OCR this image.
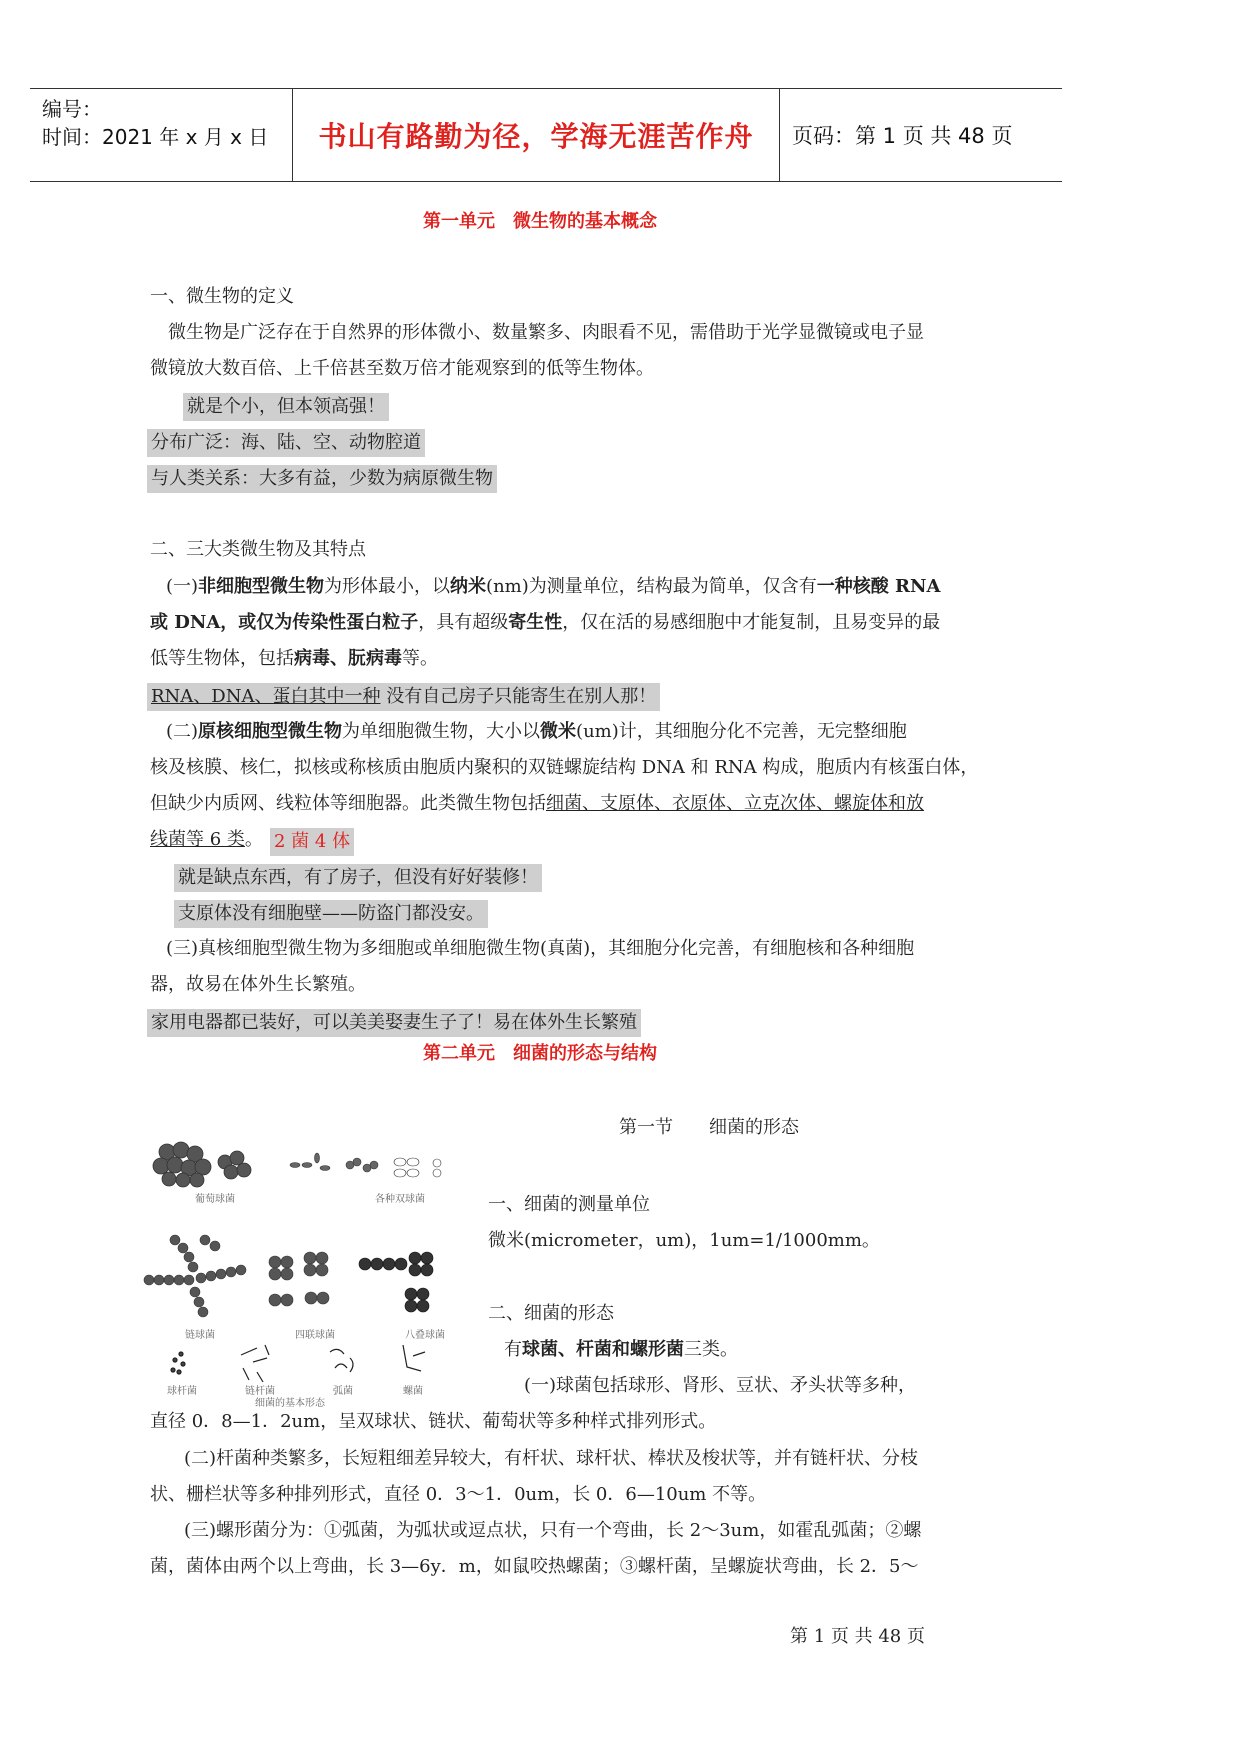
编号：
时间：2021 年 x 月 x 日 书山有路勤为径，学海无涯苦作舟	页码：第 1 页 共 48 页
第一单元　微生物的基本概念
一、微生物的定义
微生物是广泛存在于自然界的形体微小、数量繁多、肉眼看不见，需借助于光学显微镜或电子显
微镜放大数百倍、上千倍甚至数万倍才能观察到的低等生物体。
就是个小，但本领高强！
分布广泛：海、陆、空、动物腔道
与人类关系：大多有益，少数为病原微生物
二、三大类微生物及其特点
(一)非细胞型微生物为形体最小，以纳米(nm)为测量单位，结构最为简单，仅含有一种核酸 RNA
或 DNA，或仅为传染性蛋白粒子，具有超级寄生性，仅在活的易感细胞中才能复制，且易变异的最
低等生物体，包括病毒、朊病毒等。
RNA、DNA、蛋白其中一种 没有自己房子只能寄生在别人那！
(二)原核细胞型微生物为单细胞微生物，大小以微米(um)计，其细胞分化不完善，无完整细胞
核及核膜、核仁，拟核或称核质由胞质内聚积的双链螺旋结构 DNA 和 RNA 构成，胞质内有核蛋白体，
但缺少内质网、线粒体等细胞器。此类微生物包括细菌、支原体、衣原体、立克次体、螺旋体和放
线菌等 6 类。 2 菌 4 体
就是缺点东西，有了房子，但没有好好装修！
支原体没有细胞壁——防盗门都没安。
(三)真核细胞型微生物为多细胞或单细胞微生物(真菌)，其细胞分化完善，有细胞核和各种细胞
器，故易在体外生长繁殖。
家用电器都已装好，可以美美娶妻生子了！易在体外生长繁殖
第二单元　细菌的形态与结构
第一节　　细菌的形态
葡萄球菌	各种双球菌
链球菌	四联球菌	八叠球菌
球杆菌	链杆菌	弧菌	螺菌
细菌的基本形态
一、细菌的测量单位
微米(micrometer，um)，1um=1/1000mm。
二、细菌的形态
有球菌、杆菌和螺形菌三类。
(一)球菌包括球形、肾形、豆状、矛头状等多种，
直径 0．8—1．2um，呈双球状、链状、葡萄状等多种样式排列形式。
(二)杆菌种类繁多，长短粗细差异较大，有杆状、球杆状、棒状及梭状等，并有链杆状、分枝
状、栅栏状等多种排列形式，直径 0．3～1．0um，长 0．6—10um 不等。
(三)螺形菌分为：①弧菌，为弧状或逗点状，只有一个弯曲，长 2～3um，如霍乱弧菌；②螺
菌，菌体由两个以上弯曲，长 3—6y．m，如鼠咬热螺菌；③螺杆菌，呈螺旋状弯曲，长 2．5～
第 1 页 共 48 页
